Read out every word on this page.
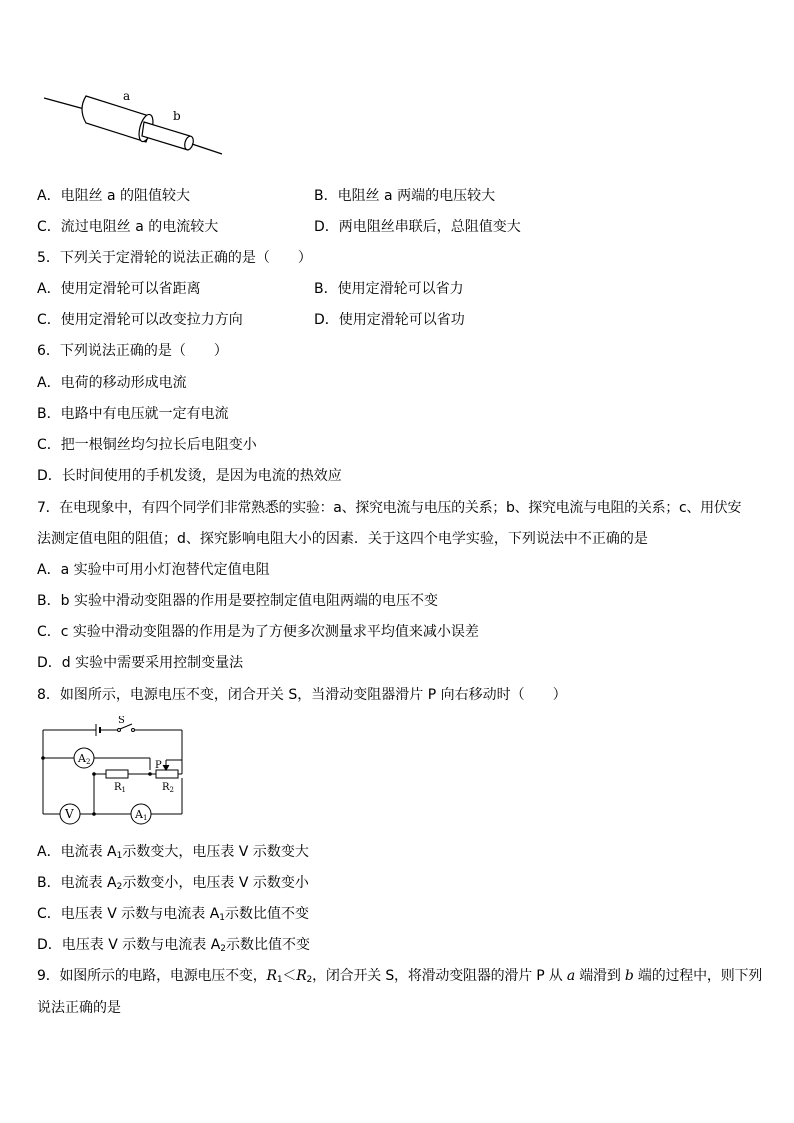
a
b
A．电阻丝 a 的阻值较大	B．电阻丝 a 两端的电压较大
C．流过电阻丝 a 的电流较大	D．两电阻丝串联后，总阻值变大
5．下列关于定滑轮的说法正确的是（　　）
A．使用定滑轮可以省距离	B．使用定滑轮可以省力
C．使用定滑轮可以改变拉力方向	D．使用定滑轮可以省功
6．下列说法正确的是（　　）
A．电荷的移动形成电流
B．电路中有电压就一定有电流
C．把一根铜丝均匀拉长后电阻变小
D．长时间使用的手机发烫，是因为电流的热效应
7．在电现象中，有四个同学们非常熟悉的实验：a、探究电流与电压的关系；b、探究电流与电阻的关系；c、用伏安
法测定值电阻的阻值；d、探究影响电阻大小的因素．关于这四个电学实验，下列说法中不正确的是
A．a 实验中可用小灯泡替代定值电阻
B．b 实验中滑动变阻器的作用是要控制定值电阻两端的电压不变
C．c 实验中滑动变阻器的作用是为了方便多次测量求平均值来减小误差
D．d 实验中需要采用控制变量法
8．如图所示，电源电压不变，闭合开关 S，当滑动变阻器滑片 P 向右移动时（　　）
S
A2	P
$R_1$	$R_2$
V	A1
A．电流表 $A_1$示数变大，电压表 V 示数变大
B．电流表 $A_2$示数变小，电压表 V 示数变小
C．电压表 V 示数与电流表 $A_1$示数比值不变
D．电压表 V 示数与电流表 $A_2$示数比值不变
9．如图所示的电路，电源电压不变，$R_1<R_2$，闭合开关 S，将滑动变阻器的滑片 P 从 a 端滑到 b 端的过程中，则下列
说法正确的是
